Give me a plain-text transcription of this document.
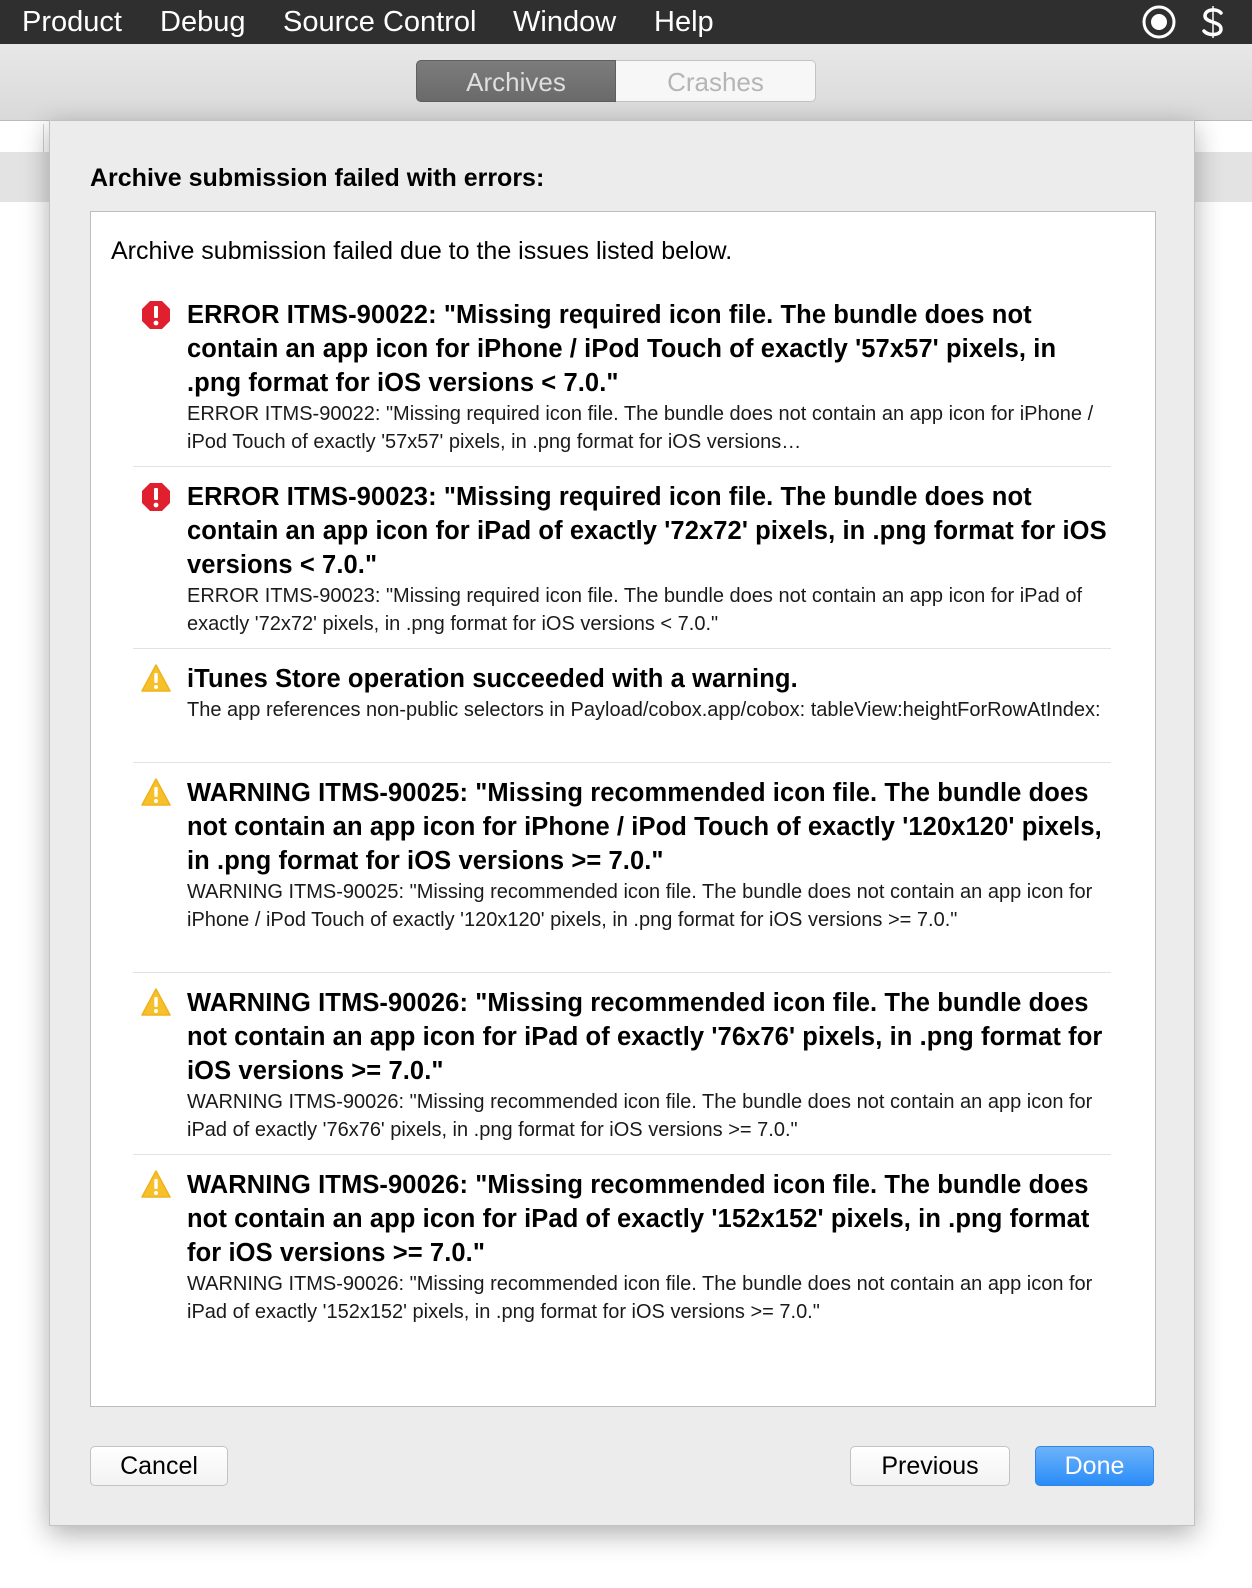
Product Debug Source Control Window Help
Archives	Crashes
Archive submission failed with errors:
Archive submission failed due to the issues listed below.
ERROR ITMS-90022: "Missing required icon file. The bundle does not contain an app icon for iPhone / iPod Touch of exactly '57x57' pixels, in .png format for iOS versions < 7.0."
ERROR ITMS-90022: "Missing required icon file. The bundle does not contain an app icon for iPhone / iPod Touch of exactly '57x57' pixels, in .png format for iOS versions…
ERROR ITMS-90023: "Missing required icon file. The bundle does not contain an app icon for iPad of exactly '72x72' pixels, in .png format for iOS versions < 7.0."
ERROR ITMS-90023: "Missing required icon file. The bundle does not contain an app icon for iPad of exactly '72x72' pixels, in .png format for iOS versions < 7.0."
iTunes Store operation succeeded with a warning.
The app references non-public selectors in Payload/cobox.app/cobox: tableView:heightForRowAtIndex:
WARNING ITMS-90025: "Missing recommended icon file. The bundle does not contain an app icon for iPhone / iPod Touch of exactly '120x120' pixels, in .png format for iOS versions >= 7.0."
WARNING ITMS-90025: "Missing recommended icon file. The bundle does not contain an app icon for iPhone / iPod Touch of exactly '120x120' pixels, in .png format for iOS versions >= 7.0."
WARNING ITMS-90026: "Missing recommended icon file. The bundle does not contain an app icon for iPad of exactly '76x76' pixels, in .png format for iOS versions >= 7.0."
WARNING ITMS-90026: "Missing recommended icon file. The bundle does not contain an app icon for iPad of exactly '76x76' pixels, in .png format for iOS versions >= 7.0."
WARNING ITMS-90026: "Missing recommended icon file. The bundle does not contain an app icon for iPad of exactly '152x152' pixels, in .png format for iOS versions >= 7.0."
WARNING ITMS-90026: "Missing recommended icon file. The bundle does not contain an app icon for iPad of exactly '152x152' pixels, in .png format for iOS versions >= 7.0."
Cancel	Previous	Done
